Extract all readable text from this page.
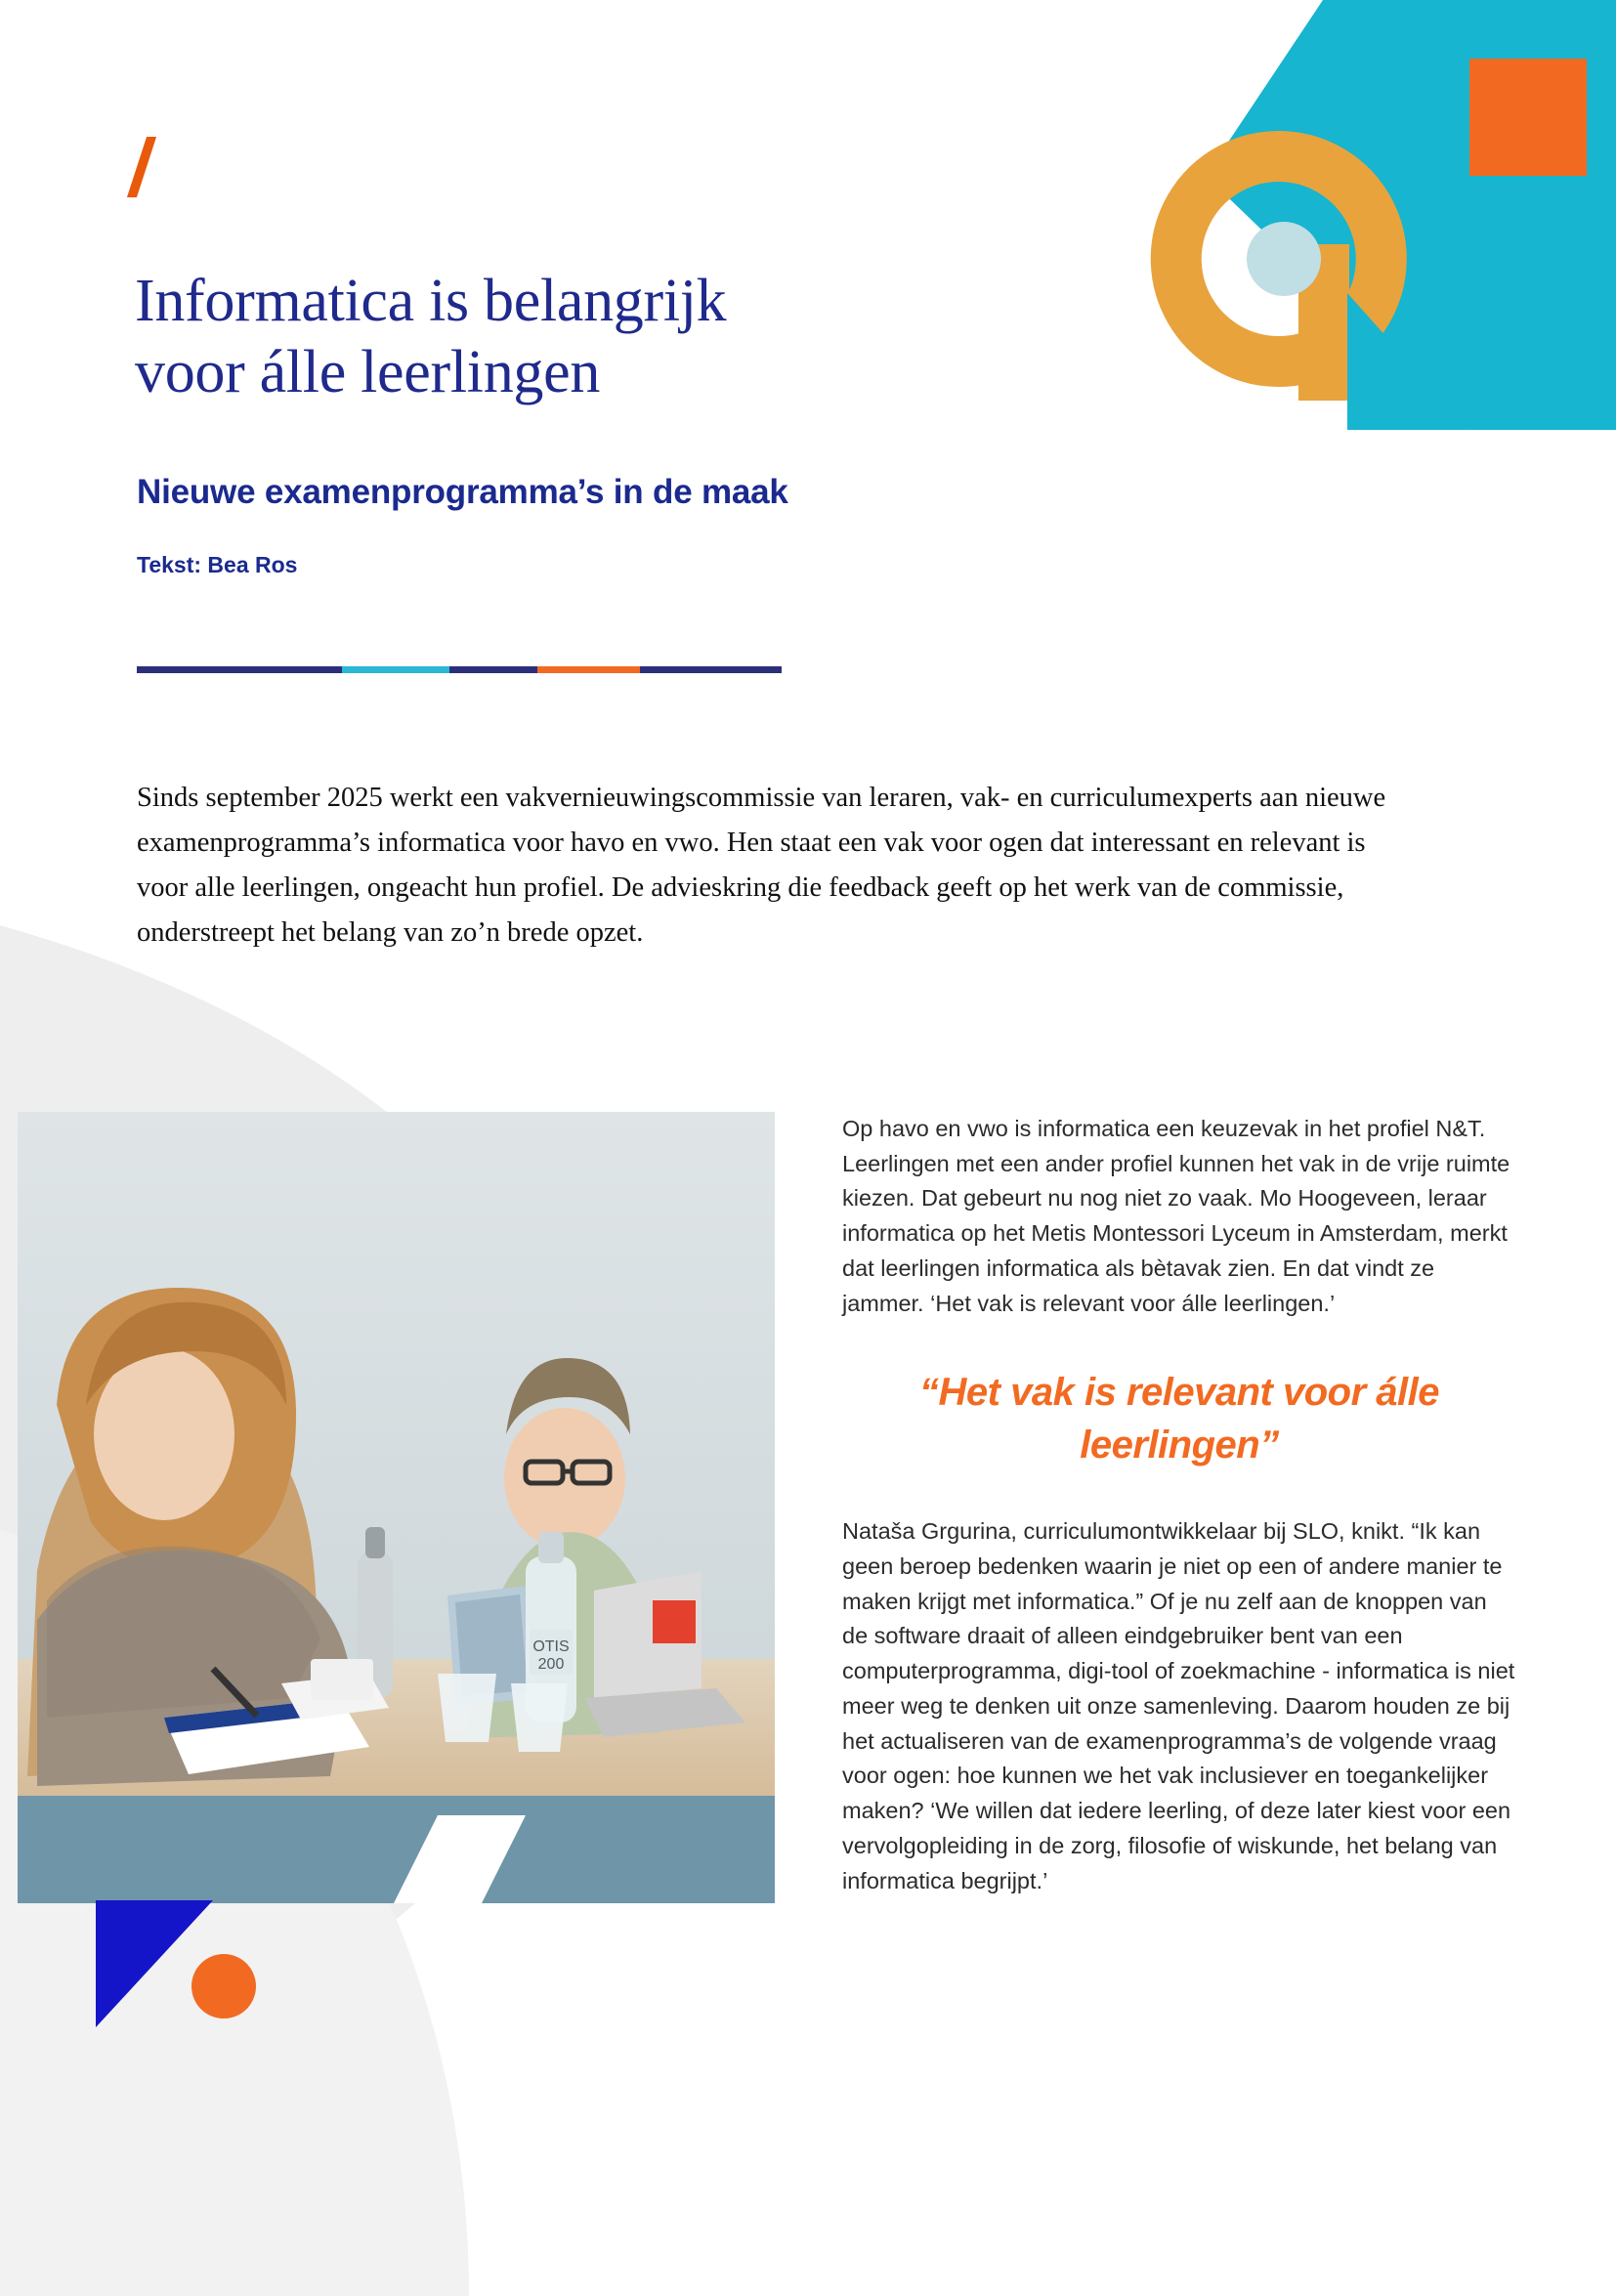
Informatica is belangrijk
voor álle leerlingen
Nieuwe examenprogramma’s in de maak
Tekst: Bea Ros

Sinds september 2025 werkt een vakvernieuwingscommissie van leraren, vak- en curriculumexperts aan nieuwe examenprogramma’s informatica voor havo en vwo. Hen staat een vak voor ogen dat interessant en relevant is voor alle leerlingen, ongeacht hun profiel. De advieskring die feedback geeft op het werk van de commissie, onderstreept het belang van zo’n brede opzet.

OTIS
200

Op havo en vwo is informatica een keuzevak in het profiel N&T. Leerlingen met een ander profiel kunnen het vak in de vrije ruimte kiezen. Dat gebeurt nu nog niet zo vaak. Mo Hoogeveen, leraar informatica op het Metis Montessori Lyceum in Amsterdam, merkt dat leerlingen informatica als bètavak zien. En dat vindt ze jammer. ‘Het vak is relevant voor álle leerlingen.’

“Het vak is relevant voor álle leerlingen”

Nataša Grgurina, curriculumontwikkelaar bij SLO, knikt. “Ik kan geen beroep bedenken waarin je niet op een of andere manier te maken krijgt met informatica.” Of je nu zelf aan de knoppen van de software draait of alleen eindgebruiker bent van een computerprogramma, digi-tool of zoekmachine - informatica is niet meer weg te denken uit onze samenleving. Daarom houden ze bij het actualiseren van de examenprogramma’s de volgende vraag voor ogen: hoe kunnen we het vak inclusiever en toegankelijker maken? ‘We willen dat iedere leerling, of deze later kiest voor een vervolgopleiding in de zorg, filosofie of wiskunde, het belang van informatica begrijpt.’
